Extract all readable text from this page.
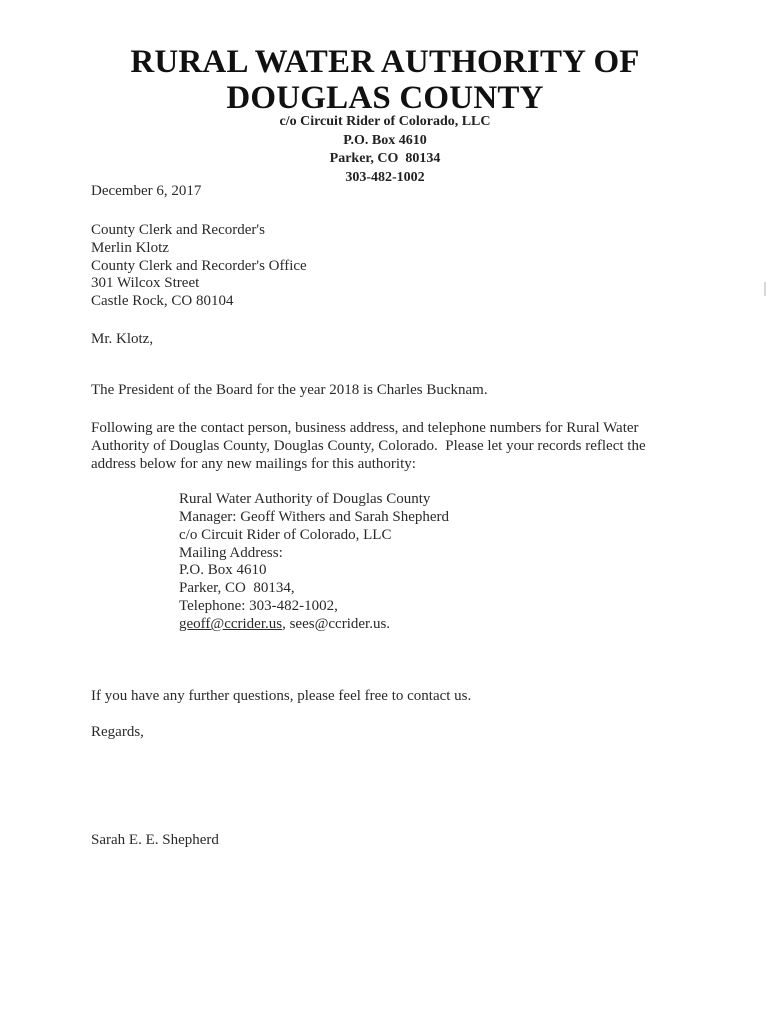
RURAL WATER AUTHORITY OF
DOUGLAS COUNTY
c/o Circuit Rider of Colorado, LLC
P.O. Box 4610
Parker, CO  80134
303-482-1002
December 6, 2017
County Clerk and Recorder's
Merlin Klotz
County Clerk and Recorder's Office
301 Wilcox Street
Castle Rock, CO 80104
Mr. Klotz,
The President of the Board for the year 2018 is Charles Bucknam.
Following are the contact person, business address, and telephone numbers for Rural Water
Authority of Douglas County, Douglas County, Colorado.  Please let your records reflect the
address below for any new mailings for this authority:
Rural Water Authority of Douglas County
Manager: Geoff Withers and Sarah Shepherd
c/o Circuit Rider of Colorado, LLC
Mailing Address:
P.O. Box 4610
Parker, CO  80134,
Telephone: 303-482-1002,
geoff@ccrider.us, sees@ccrider.us.
If you have any further questions, please feel free to contact us.
Regards,
Sarah E. E. Shepherd
